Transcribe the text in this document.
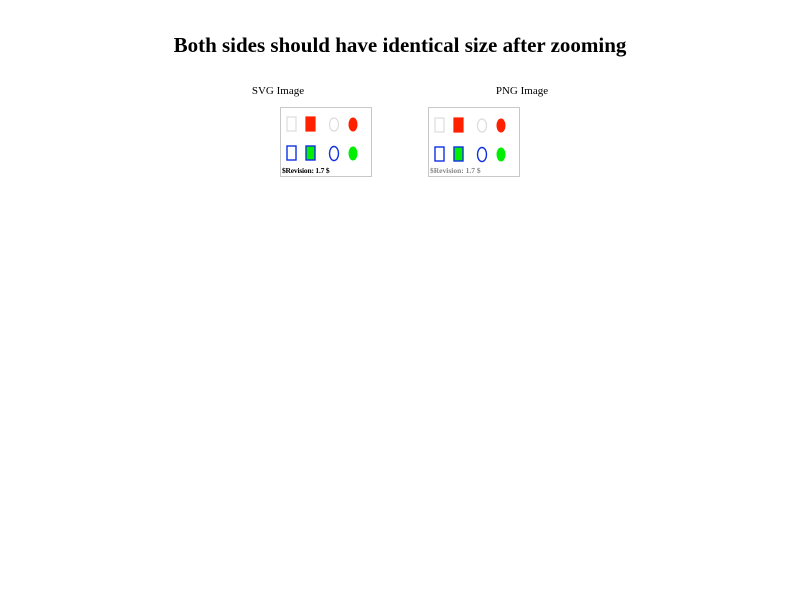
Both sides should have identical size after zooming
SVG Image	PNG Image
$Revision: 1.7 $	$Revision: 1.7 $
